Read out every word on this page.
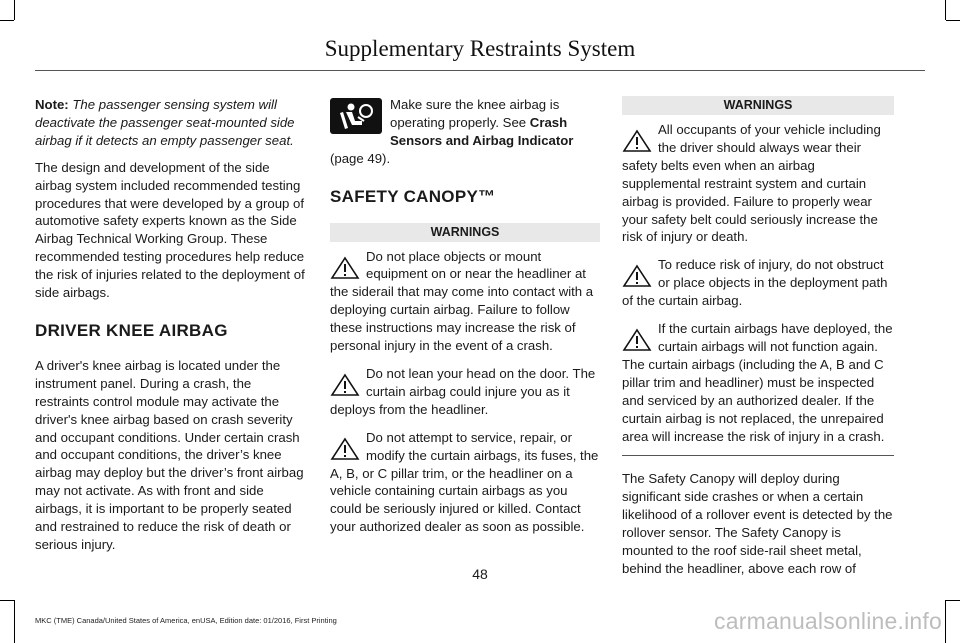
Supplementary Restraints System

Note: The passenger sensing system will deactivate the passenger seat-mounted side airbag if it detects an empty passenger seat.

The design and development of the side airbag system included recommended testing procedures that were developed by a group of automotive safety experts known as the Side Airbag Technical Working Group. These recommended testing procedures help reduce the risk of injuries related to the deployment of side airbags.

DRIVER KNEE AIRBAG

A driver's knee airbag is located under the instrument panel. During a crash, the restraints control module may activate the driver's knee airbag based on crash severity and occupant conditions. Under certain crash and occupant conditions, the driver’s knee airbag may deploy but the driver’s front airbag may not activate. As with front and side airbags, it is important to be properly seated and restrained to reduce the risk of death or serious injury.

Make sure the knee airbag is operating properly. See Crash Sensors and Airbag Indicator
(page 49).
SAFETY CANOPY™
WARNINGS
Do not place objects or mount equipment on or near the headliner at the siderail that may come into contact with a deploying curtain airbag. Failure to follow these instructions may increase the risk of personal injury in the event of a crash.
Do not lean your head on the door. The curtain airbag could injure you as it deploys from the headliner.
Do not attempt to service, repair, or modify the curtain airbags, its fuses, the A, B, or C pillar trim, or the headliner on a vehicle containing curtain airbags as you could be seriously injured or killed. Contact your authorized dealer as soon as possible.
WARNINGS
All occupants of your vehicle including the driver should always wear their safety belts even when an airbag supplemental restraint system and curtain airbag is provided. Failure to properly wear your safety belt could seriously increase the risk of injury or death.
To reduce risk of injury, do not obstruct or place objects in the deployment path of the curtain airbag.
If the curtain airbags have deployed, the curtain airbags will not function again. The curtain airbags (including the A, B and C pillar trim and headliner) must be inspected and serviced by an authorized dealer. If the curtain airbag is not replaced, the unrepaired area will increase the risk of injury in a crash.

The Safety Canopy will deploy during significant side crashes or when a certain likelihood of a rollover event is detected by the rollover sensor. The Safety Canopy is mounted to the roof side-rail sheet metal, behind the headliner, above each row of

48
MKC (TME) Canada/United States of America, enUSA, Edition date: 01/2016, First Printing	carmanualsonline.info
